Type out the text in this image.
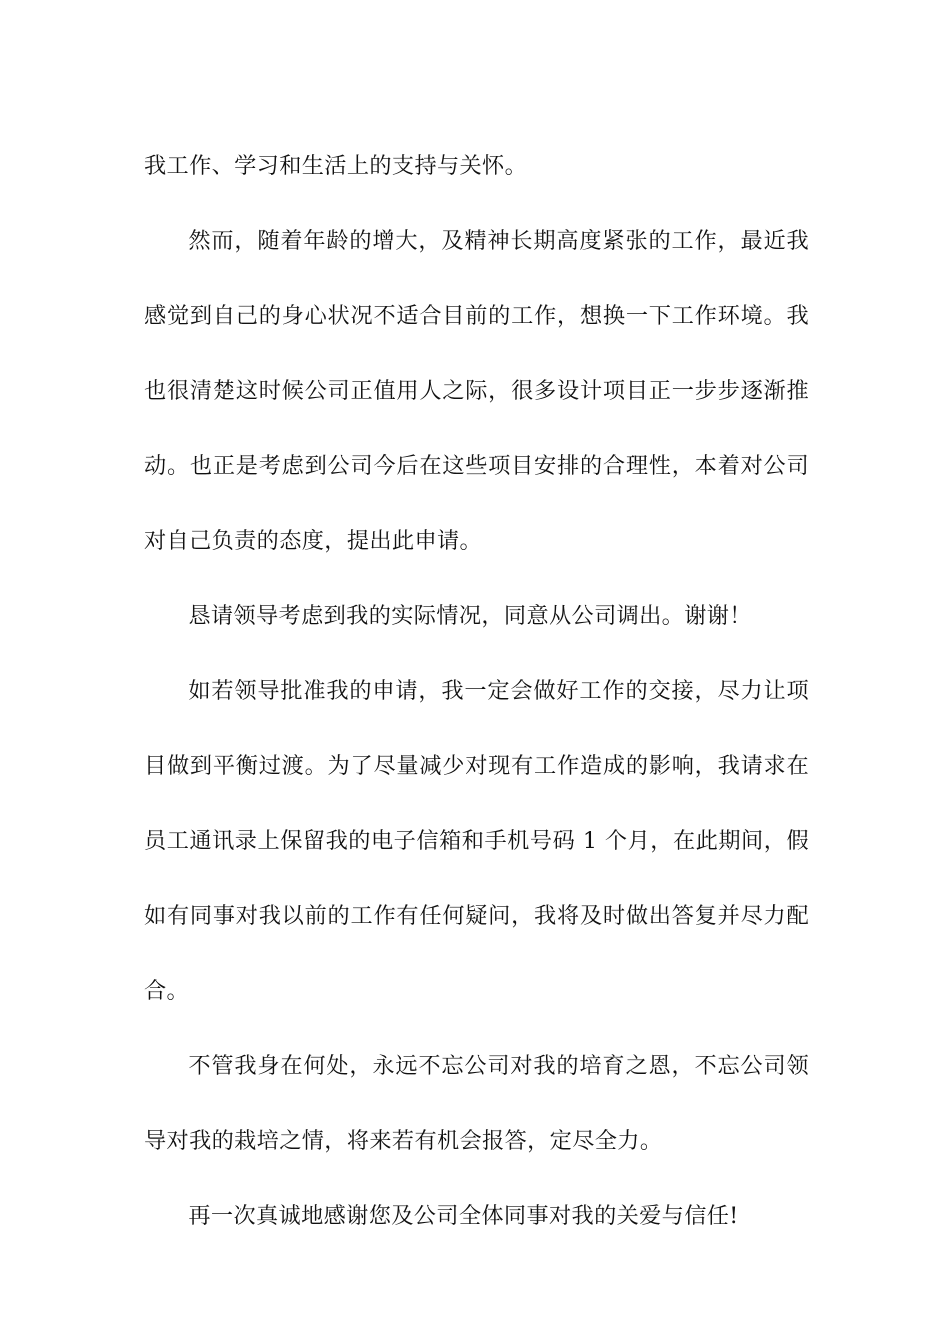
我工作、学习和生活上的支持与关怀。

然而，随着年龄的增大，及精神长期高度紧张的工作，最近我感觉到自己的身心状况不适合目前的工作，想换一下工作环境。我也很清楚这时候公司正值用人之际，很多设计项目正一步步逐渐推动。也正是考虑到公司今后在这些项目安排的合理性，本着对公司对自己负责的态度，提出此申请。

恳请领导考虑到我的实际情况，同意从公司调出。谢谢！

如若领导批准我的申请，我一定会做好工作的交接，尽力让项目做到平衡过渡。为了尽量减少对现有工作造成的影响，我请求在员工通讯录上保留我的电子信箱和手机号码 1 个月，在此期间，假如有同事对我以前的工作有任何疑问，我将及时做出答复并尽力配合。

不管我身在何处，永远不忘公司对我的培育之恩，不忘公司领导对我的栽培之情，将来若有机会报答，定尽全力。

再一次真诚地感谢您及公司全体同事对我的关爱与信任!
